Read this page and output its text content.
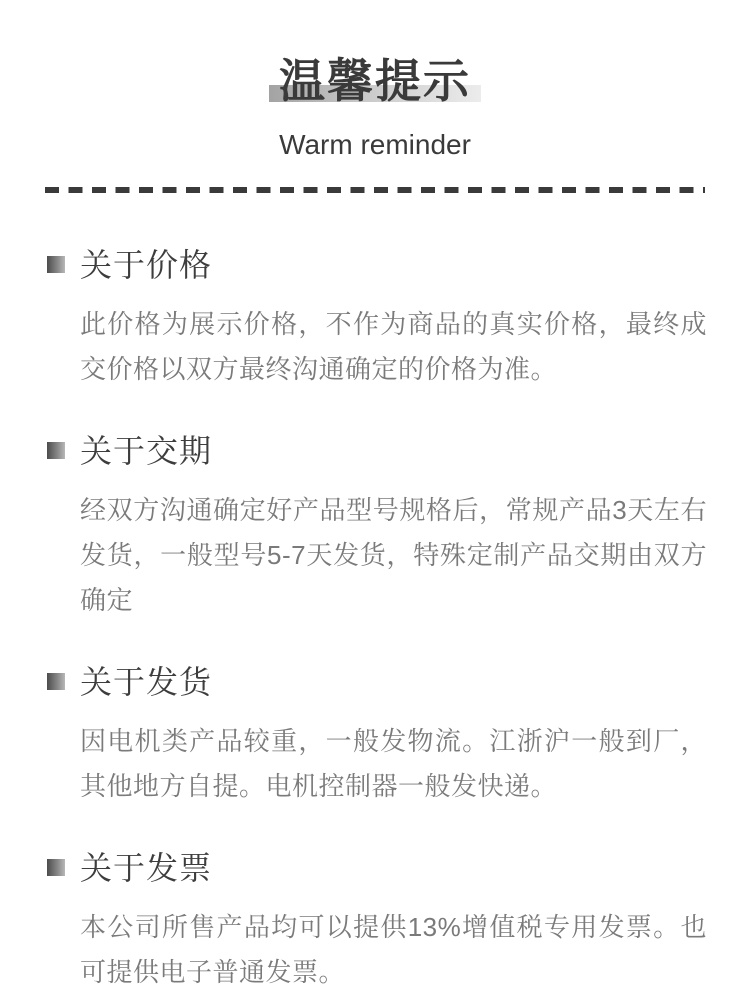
温馨提示
Warm reminder
关于价格
此价格为展示价格，不作为商品的真实价格，最终成交价格以双方最终沟通确定的价格为准。
关于交期
经双方沟通确定好产品型号规格后，常规产品3天左右发货，一般型号5-7天发货，特殊定制产品交期由双方确定
关于发货
因电机类产品较重，一般发物流。江浙沪一般到厂，其他地方自提。电机控制器一般发快递。
关于发票
本公司所售产品均可以提供13%增值税专用发票。也可提供电子普通发票。
